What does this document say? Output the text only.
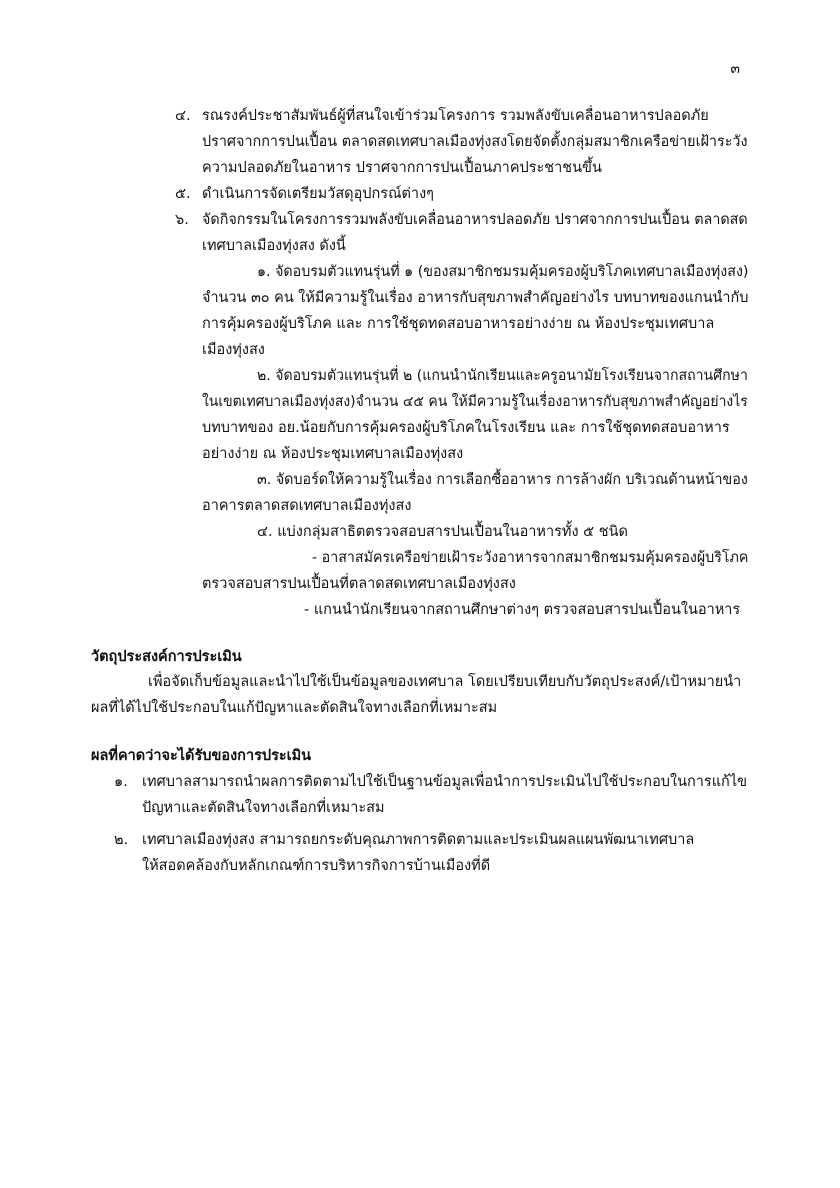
๓
๔. รณรงค์ประชาสัมพันธ์ผู้ที่สนใจเข้าร่วมโครงการ รวมพลังขับเคลื่อนอาหารปลอดภัย
ปราศจากการปนเปื้อน ตลาดสดเทศบาลเมืองทุ่งสงโดยจัดตั้งกลุ่มสมาชิกเครือข่ายเฝ้าระวัง
ความปลอดภัยในอาหาร ปราศจากการปนเปื้อนภาคประชาชนขึ้น
๕. ดำเนินการจัดเตรียมวัสดุอุปกรณ์ต่างๆ
๖. จัดกิจกรรมในโครงการรวมพลังขับเคลื่อนอาหารปลอดภัย ปราศจากการปนเปื้อน ตลาดสด
เทศบาลเมืองทุ่งสง ดังนี้
๑. จัดอบรมตัวแทนรุ่นที่ ๑ (ของสมาชิกชมรมคุ้มครองผู้บริโภคเทศบาลเมืองทุ่งสง)
จำนวน ๓๐ คน ให้มีความรู้ในเรื่อง อาหารกับสุขภาพสำคัญอย่างไร บทบาทของแกนนำกับ
การคุ้มครองผู้บริโภค และ การใช้ชุดทดสอบอาหารอย่างง่าย ณ ห้องประชุมเทศบาล
เมืองทุ่งสง
๒. จัดอบรมตัวแทนรุ่นที่ ๒ (แกนนำนักเรียนและครูอนามัยโรงเรียนจากสถานศึกษา
ในเขตเทศบาลเมืองทุ่งสง)จำนวน ๔๕ คน ให้มีความรู้ในเรื่องอาหารกับสุขภาพสำคัญอย่างไร
บทบาทของ อย.น้อยกับการคุ้มครองผู้บริโภคในโรงเรียน และ การใช้ชุดทดสอบอาหาร
อย่างง่าย ณ ห้องประชุมเทศบาลเมืองทุ่งสง
๓. จัดบอร์ดให้ความรู้ในเรื่อง การเลือกซื้ออาหาร การล้างผัก บริเวณด้านหน้าของ
อาคารตลาดสดเทศบาลเมืองทุ่งสง
๔. แบ่งกลุ่มสาธิตตรวจสอบสารปนเปื้อนในอาหารทั้ง ๕ ชนิด
- อาสาสมัครเครือข่ายเฝ้าระวังอาหารจากสมาชิกชมรมคุ้มครองผู้บริโภค
ตรวจสอบสารปนเปื้อนที่ตลาดสดเทศบาลเมืองทุ่งสง
- แกนนำนักเรียนจากสถานศึกษาต่างๆ ตรวจสอบสารปนเปื้อนในอาหาร
วัตถุประสงค์การประเมิน
เพื่อจัดเก็บข้อมูลและนำไปใช้เป็นข้อมูลของเทศบาล โดยเปรียบเทียบกับวัตถุประสงค์/เป้าหมายนำ
ผลที่ได้ไปใช้ประกอบในแก้ปัญหาและตัดสินใจทางเลือกที่เหมาะสม
ผลที่คาดว่าจะได้รับของการประเมิน
๑. เทศบาลสามารถนำผลการติดตามไปใช้เป็นฐานข้อมูลเพื่อนำการประเมินไปใช้ประกอบในการแก้ไข
ปัญหาและตัดสินใจทางเลือกที่เหมาะสม
๒. เทศบาลเมืองทุ่งสง สามารถยกระดับคุณภาพการติดตามและประเมินผลแผนพัฒนาเทศบาล
ให้สอดคล้องกับหลักเกณฑ์การบริหารกิจการบ้านเมืองที่ดี
